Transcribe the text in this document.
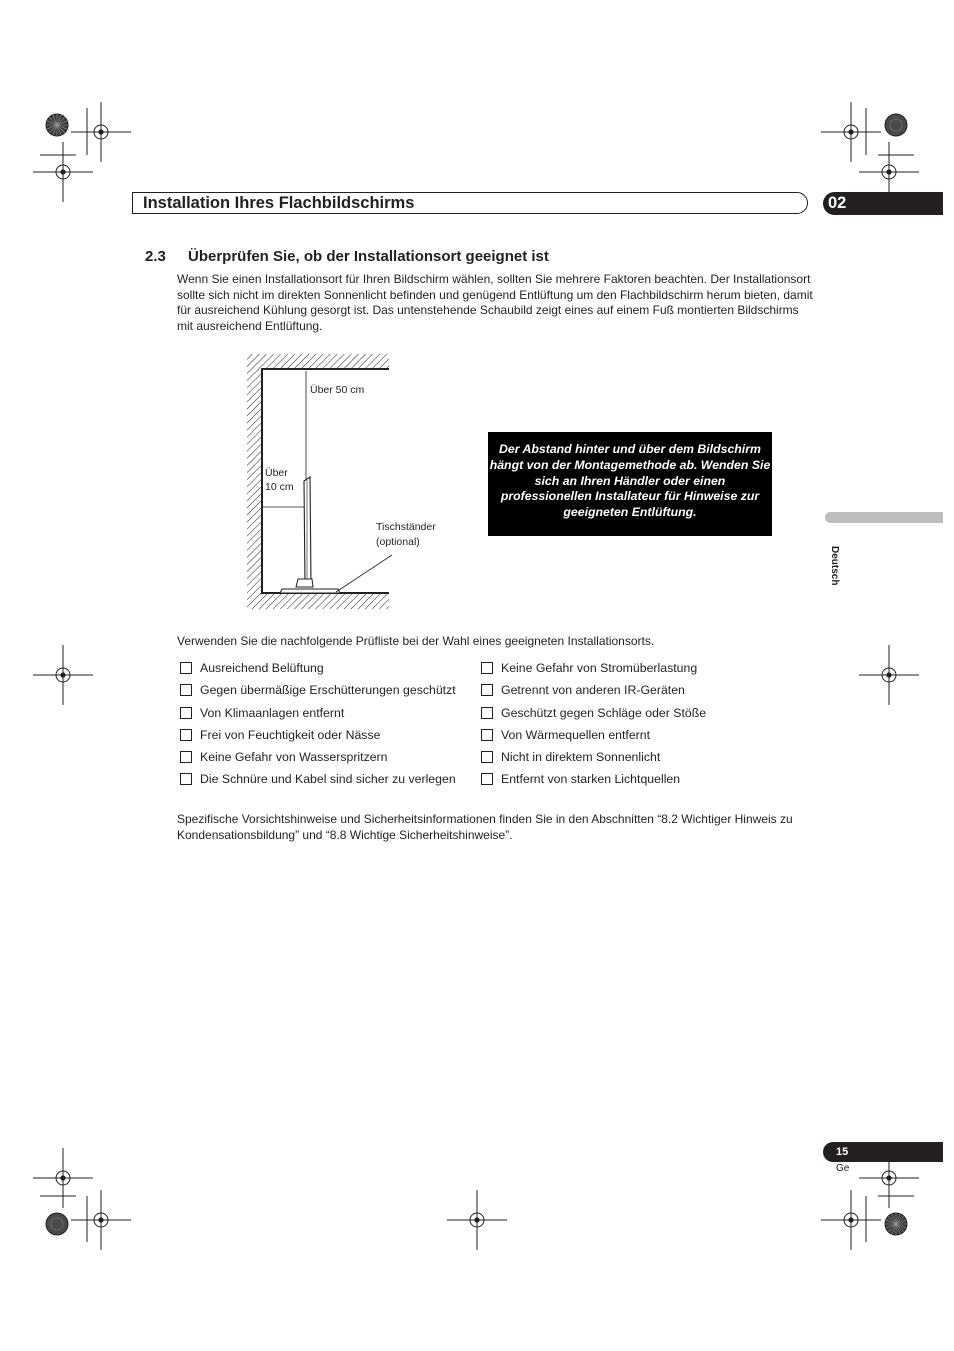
Installation Ihres Flachbildschirms	02
2.3 Überprüfen Sie, ob der Installationsort geeignet ist
Wenn Sie einen Installationsort für Ihren Bildschirm wählen, sollten Sie mehrere Faktoren beachten. Der Installationsort sollte sich nicht im direkten Sonnenlicht befinden und genügend Entlüftung um den Flachbildschirm herum bieten, damit für ausreichend Kühlung gesorgt ist. Das untenstehende Schaubild zeigt eines auf einem Fuß montierten Bildschirms mit ausreichend Entlüftung.
Über 50 cm
Über
10 cm
Tischständer
(optional)
Der Abstand hinter und über dem Bildschirm hängt von der Montagemethode ab. Wenden Sie sich an Ihren Händler oder einen professionellen Installateur für Hinweise zur geeigneten Entlüftung.
Deutsch
Verwenden Sie die nachfolgende Prüfliste bei der Wahl eines geeigneten Installationsorts.
Ausreichend Belüftung
Gegen übermäßige Erschütterungen geschützt
Von Klimaanlagen entfernt
Frei von Feuchtigkeit oder Nässe
Keine Gefahr von Wasserspritzern
Die Schnüre und Kabel sind sicher zu verlegen
Keine Gefahr von Stromüberlastung
Getrennt von anderen IR-Geräten
Geschützt gegen Schläge oder Stöße
Von Wärmequellen entfernt
Nicht in direktem Sonnenlicht
Entfernt von starken Lichtquellen
Spezifische Vorsichtshinweise und Sicherheitsinformationen finden Sie in den Abschnitten “8.2 Wichtiger Hinweis zu Kondensationsbildung” und “8.8 Wichtige Sicherheitshinweise”.
15
Ge
